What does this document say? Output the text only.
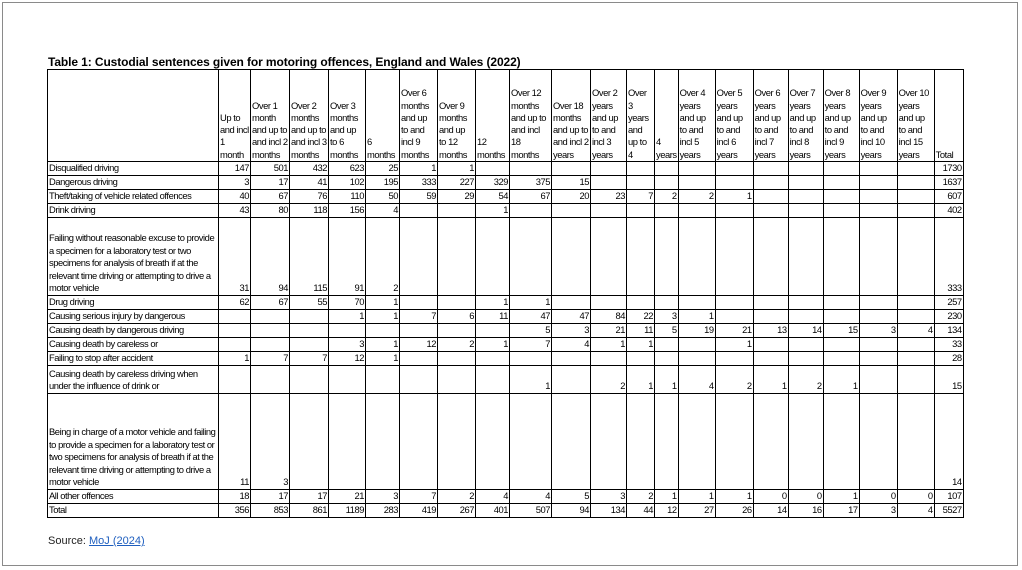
Table 1: Custodial sentences given for motoring offences, England and Wales (2022)
	Up to and incl 1 month	Over 1 month and up to and incl 2 months	Over 2 months and up to and incl 3 months	Over 3 months and up to 6 months	6 months	Over 6 months and up to and incl 9 months	Over 9 months and up to 12 months	12 months	Over 12 months and up to and incl 18 months	Over 18 months and up to and incl 2 years	Over 2 years and up to and incl 3 years	Over 3 years and up to 4	4 years	Over 4 years and up to and incl 5 years	Over 5 years and up to and incl 6 years	Over 6 years and up to and incl 7 years	Over 7 years and up to and incl 8 years	Over 8 years and up to and incl 9 years	Over 9 years and up to and incl 10 years	Over 10 years and up to and incl 15 years	Total
Disqualified driving	147	501	432	623	25	1	1														1730
Dangerous driving	3	17	41	102	195	333	227	329	375	15											1637
Theft/taking of vehicle related offences	40	67	76	110	50	59	29	54	67	20	23	7	2	2	1						607
Drink driving	43	80	118	156	4			1													402
Failing without reasonable excuse to provide a specimen for a laboratory test or two specimens for analysis of breath if at the relevant time driving or attempting to drive a motor vehicle	31	94	115	91	2																333
Drug driving	62	67	55	70	1			1	1												257
Causing serious injury by dangerous				1	1	7	6	11	47	47	84	22	3	1							230
Causing death by dangerous driving									5	3	21	11	5	19	21	13	14	15	3	4	134
Causing death by careless or				3	1	12	2	1	7	4	1	1			1						33
Failing to stop after accident	1	7	7	12	1																28
Causing death by careless driving when under the influence of drink or									1		2	1	1	4	2	1	2	1			15
Being in charge of a motor vehicle and failing to provide a specimen for a laboratory test or two specimens for analysis of breath if at the relevant time driving or attempting to drive a motor vehicle	11	3																			14
All other offences	18	17	17	21	3	7	2	4	4	5	3	2	1	1	1	0	0	1	0	0	107
Total	356	853	861	1189	283	419	267	401	507	94	134	44	12	27	26	14	16	17	3	4	5527
Source: MoJ (2024)
